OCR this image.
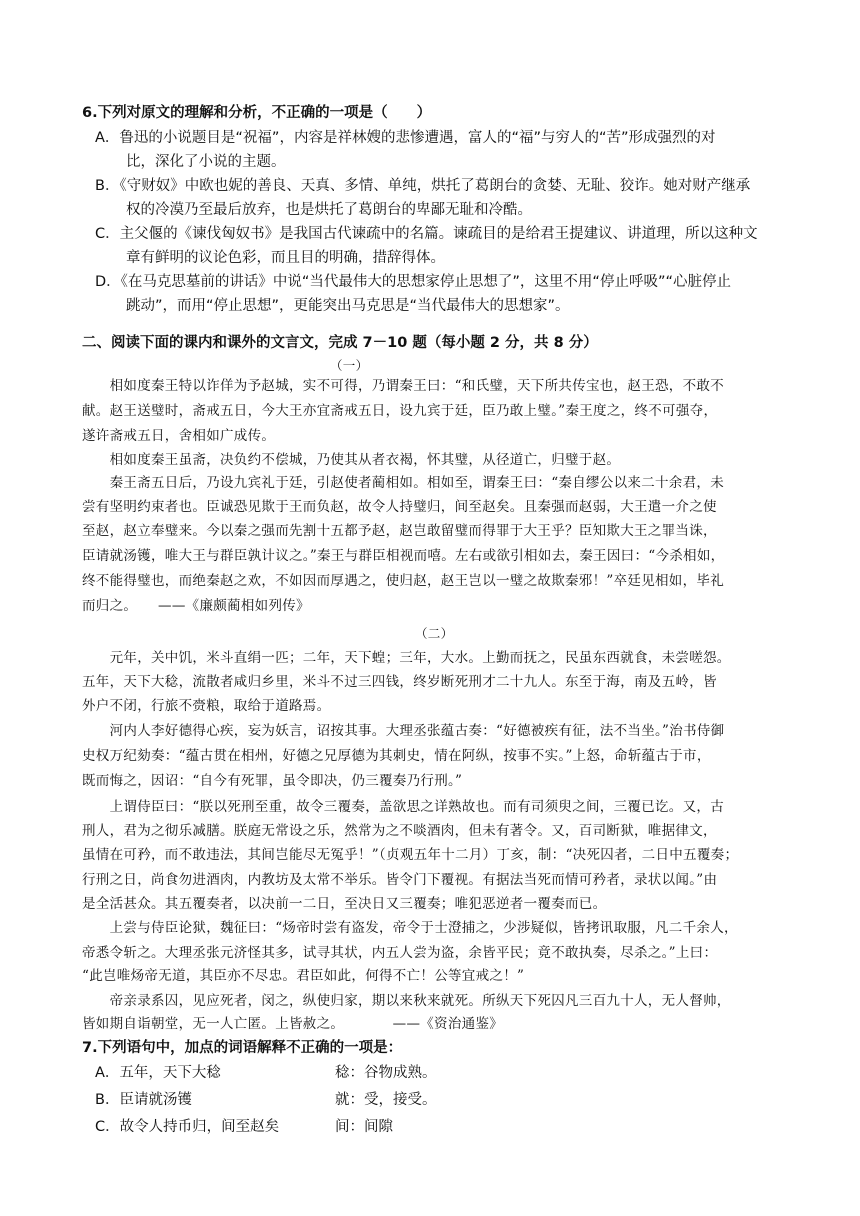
6.下列对原文的理解和分析，不正确的一项是（　　）
A．鲁迅的小说题目是“祝福”，内容是祥林嫂的悲惨遭遇，富人的“福”与穷人的“苦”形成强烈的对
比，深化了小说的主题。
B．《守财奴》中欧也妮的善良、天真、多情、单纯，烘托了葛朗台的贪婪、无耻、狡诈。她对财产继承
权的冷漠乃至最后放弃，也是烘托了葛朗台的卑鄙无耻和冷酷。
C．主父偃的《谏伐匈奴书》是我国古代谏疏中的名篇。谏疏目的是给君王提建议、讲道理，所以这种文
章有鲜明的议论色彩，而且目的明确，措辞得体。
D．《在马克思墓前的讲话》中说“当代最伟大的思想家停止思想了”，这里不用“停止呼吸”“心脏停止
跳动”，而用“停止思想”，更能突出马克思是“当代最伟大的思想家”。
二、阅读下面的课内和课外的文言文，完成 7－10 题（每小题 2 分，共 8 分）
（一）
　　相如度秦王特以诈佯为予赵城，实不可得，乃谓秦王曰：“和氏璧，天下所共传宝也，赵王恐，不敢不
献。赵王送璧时，斋戒五日，今大王亦宜斋戒五日，设九宾于廷，臣乃敢上璧。”秦王度之，终不可强夺，
遂许斋戒五日，舍相如广成传。
　　相如度秦王虽斋，决负约不偿城，乃使其从者衣褐，怀其璧，从径道亡，归璧于赵。
　　秦王斋五日后，乃设九宾礼于廷，引赵使者蔺相如。相如至，谓秦王曰：“秦自缪公以来二十余君，未
尝有坚明约束者也。臣诚恐见欺于王而负赵，故令人持璧归，间至赵矣。且秦强而赵弱，大王遣一介之使
至赵，赵立奉璧来。今以秦之强而先割十五都予赵，赵岂敢留璧而得罪于大王乎？臣知欺大王之罪当诛，
臣请就汤镬，唯大王与群臣孰计议之。”秦王与群臣相视而嘻。左右或欲引相如去，秦王因曰：“今杀相如，
终不能得璧也，而绝秦赵之欢，不如因而厚遇之，使归赵，赵王岂以一璧之故欺秦邪！”卒廷见相如，毕礼
而归之。　　——《廉颇蔺相如列传》
（二）
　　元年，关中饥，米斗直绢一匹；二年，天下蝗；三年，大水。上勤而抚之，民虽东西就食，未尝嗟怨。
五年，天下大稔，流散者咸归乡里，米斗不过三四钱，终岁断死刑才二十九人。东至于海，南及五岭，皆
外户不闭，行旅不赍粮，取给于道路焉。
　　河内人李好德得心疾，妄为妖言，诏按其事。大理丞张蕴古奏：“好德被疾有征，法不当坐。”治书侍御
史权万纪劾奏：“蕴古贯在相州，好德之兄厚德为其刺史，情在阿纵，按事不实。”上怒，命斩蕴古于市，
既而悔之，因诏：“自今有死罪，虽令即决，仍三覆奏乃行刑。”
　　上谓侍臣曰：“朕以死刑至重，故令三覆奏，盖欲思之详熟故也。而有司须臾之间，三覆已讫。又，古
刑人，君为之彻乐减膳。朕庭无常设之乐，然常为之不啖酒肉，但未有著令。又，百司断狱，唯据律文，
虽情在可矜，而不敢违法，其间岂能尽无冤乎！”（贞观五年十二月）丁亥，制：“决死囚者，二日中五覆奏；
行刑之日，尚食勿进酒肉，内教坊及太常不举乐。皆令门下覆视。有据法当死而情可矜者，录状以闻。”由
是全活甚众。其五覆奏者，以决前一二日，至决日又三覆奏；唯犯恶逆者一覆奏而已。
　　上尝与侍臣论狱，魏征曰：“炀帝时尝有盗发，帝令于士澄捕之，少涉疑似，皆拷讯取服，凡二千余人，
帝悉令斩之。大理丞张元济怪其多，试寻其状，内五人尝为盗，余皆平民；竟不敢执奏，尽杀之。”上曰：
“此岂唯炀帝无道，其臣亦不尽忠。君臣如此，何得不亡！公等宜戒之！”
　　帝亲录系囚，见应死者，闵之，纵使归家，期以来秋来就死。所纵天下死囚凡三百九十人，无人督帅，
皆如期自诣朝堂，无一人亡匿。上皆赦之。　　　　——《资治通鉴》
7.下列语句中，加点的词语解释不正确的一项是：
A．五年，天下大稔	稔：谷物成熟。
B．臣请就汤镬	就：受，接受。
C．故令人持币归，间至赵矣	间：间隙
